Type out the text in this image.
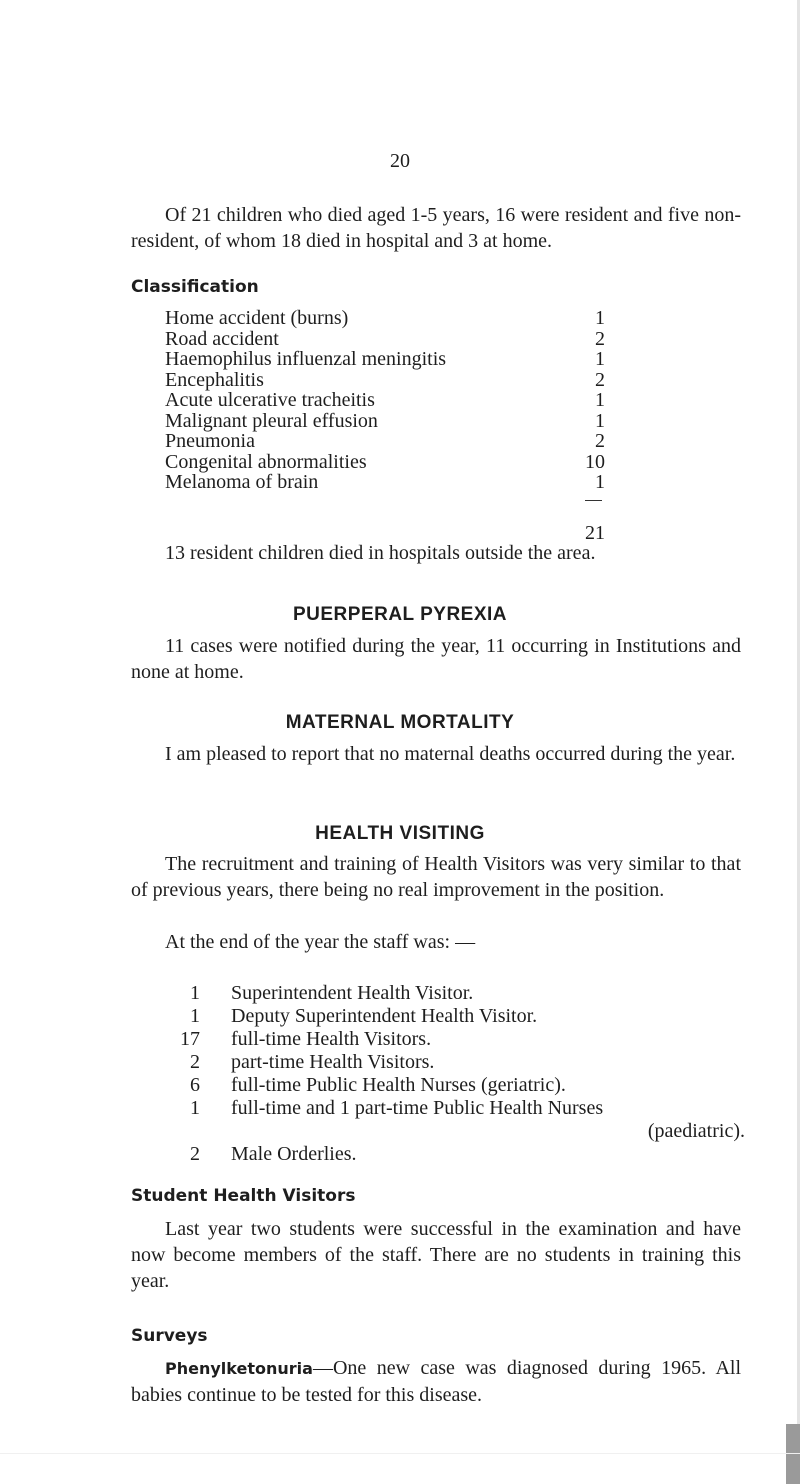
20
Of 21 children who died aged 1-5 years, 16 were resident and five non-resident, of whom 18 died in hospital and 3 at home.
Classification
Home accident (burns)	1
Road accident	2
Haemophilus influenzal meningitis	1
Encephalitis	2
Acute ulcerative tracheitis	1
Malignant pleural effusion	1
Pneumonia	2
Congenital abnormalities	10
Melanoma of brain	1
21
13 resident children died in hospitals outside the area.
PUERPERAL PYREXIA
11 cases were notified during the year, 11 occurring in Institutions and none at home.
MATERNAL MORTALITY
I am pleased to report that no maternal deaths occurred during the year.
HEALTH VISITING
The recruitment and training of Health Visitors was very similar to that of previous years, there being no real improvement in the position.
At the end of the year the staff was: —
1 Superintendent Health Visitor.
1 Deputy Superintendent Health Visitor.
17 full-time Health Visitors.
2 part-time Health Visitors.
6 full-time Public Health Nurses (geriatric).
1 full-time and 1 part-time Public Health Nurses
(paediatric).
2 Male Orderlies.
Student Health Visitors
Last year two students were successful in the examination and have now become members of the staff. There are no students in training this year.
Surveys
Phenylketonuria—One new case was diagnosed during 1965. All babies continue to be tested for this disease.
